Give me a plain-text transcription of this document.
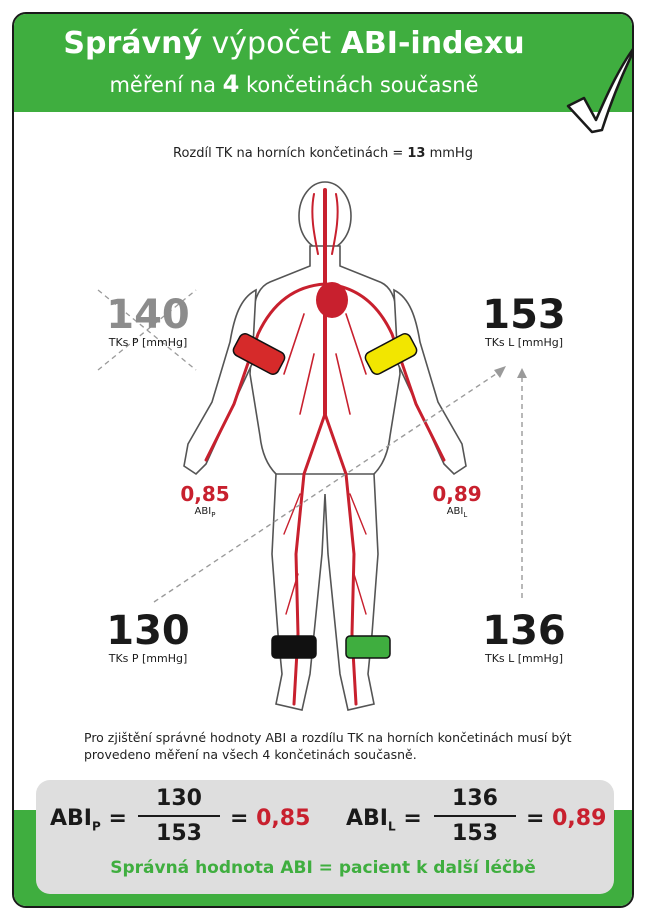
Správný výpočet ABI-indexu
měření na 4 končetinách současně
Rozdíl TK na horních končetinách = 13 mmHg
140
TKs P [mmHg]
153
TKs L [mmHg]
130
TKs P [mmHg]
136
TKs L [mmHg]
0,85
$ABI_P$
0,89
$ABI_L$
Pro zjištění správné hodnoty ABI a rozdílu TK na horních končetinách musí být provedeno měření na všech 4 končetinách současně.
$ABI_P$ =
130
153
= 0,85 $ABI_L$ =
136
153
= 0,89
Správná hodnota ABI = pacient k další léčbě
